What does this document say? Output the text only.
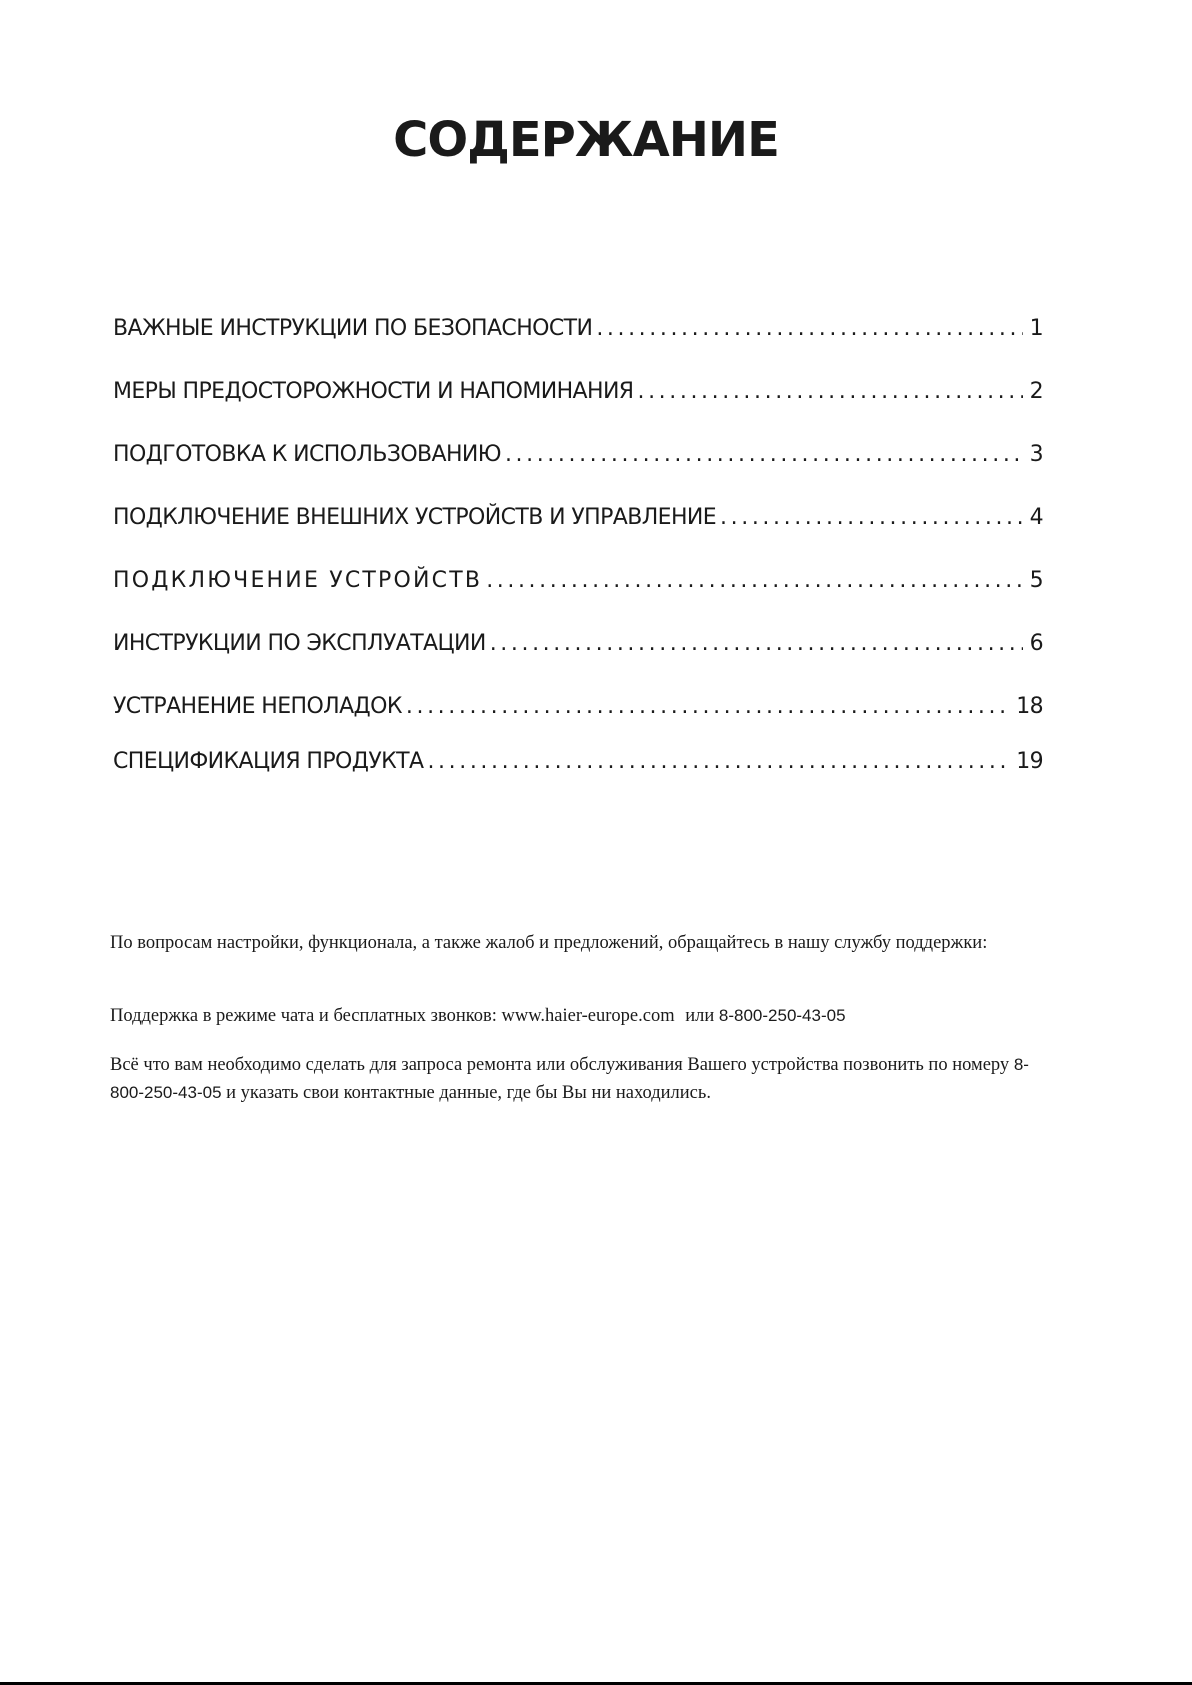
СОДЕРЖАНИЕ
ВАЖНЫЕ ИНСТРУКЦИИ ПО БЕЗОПАСНОСТИ .....	1
МЕРЫ ПРЕДОСТОРОЖНОСТИ И НАПОМИНАНИЯ .....	2
ПОДГОТОВКА К ИСПОЛЬЗОВАНИЮ .....	3
ПОДКЛЮЧЕНИЕ ВНЕШНИХ УСТРОЙСТВ И УПРАВЛЕНИЕ .....	4
ПОДКЛЮЧЕНИЕ УСТРОЙСТВ .....	5
ИНСТРУКЦИИ ПО ЭКСПЛУАТАЦИИ .....	6
УСТРАНЕНИЕ НЕПОЛАДОК .....	18
СПЕЦИФИКАЦИЯ ПРОДУКТА .....	19
По вопросам настройки, функционала, а также жалоб и предложений, обращайтесь в нашу службу поддержки:
Поддержка в режиме чата и бесплатных звонков: www.haier-europe.com или 8-800-250-43-05
Всё что вам необходимо сделать для запроса ремонта или обслуживания Вашего устройства позвонить по номеру 8-800-250-43-05 и указать свои контактные данные, где бы Вы ни находились.
